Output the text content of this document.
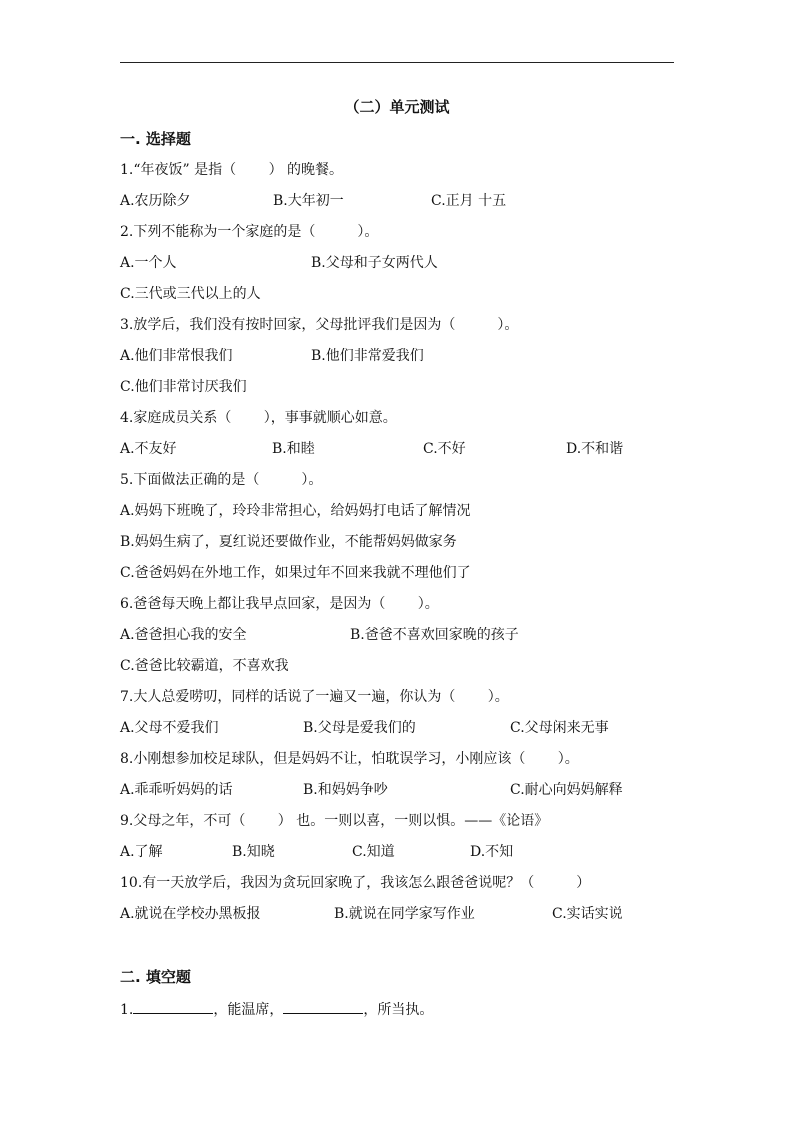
（二）单元测试
一. 选择题
1.“年夜饭” 是指（　　 ） 的晚餐。
A.农历除夕	B.大年初一	C.正月 十五
2.下列不能称为一个家庭的是（　　　）。
A.一个人	B.父母和子女两代人
C.三代或三代以上的人
3.放学后，我们没有按时回家，父母批评我们是因为（　　　）。
A.他们非常恨我们	B.他们非常爱我们
C.他们非常讨厌我们
4.家庭成员关系（　　 ），事事就顺心如意。
A.不友好	B.和睦	C.不好	D.不和谐
5.下面做法正确的是（　　　）。
A.妈妈下班晚了，玲玲非常担心，给妈妈打电话了解情况
B.妈妈生病了，夏红说还要做作业，不能帮妈妈做家务
C.爸爸妈妈在外地工作，如果过年不回来我就不理他们了
6.爸爸每天晚上都让我早点回家，是因为（　　 ）。
A.爸爸担心我的安全	B.爸爸不喜欢回家晚的孩子
C.爸爸比较霸道，不喜欢我
7.大人总爱唠叨，同样的话说了一遍又一遍，你认为（　　 ）。
A.父母不爱我们	B.父母是爱我们的	C.父母闲来无事
8.小刚想参加校足球队，但是妈妈不让，怕耽误学习，小刚应该（　　 ）。
A.乖乖听妈妈的话	B.和妈妈争吵	C.耐心向妈妈解释
9.父母之年，不可（　　 ） 也。一则以喜，一则以惧。——《论语》
A.了解	B.知晓	C.知道	D.不知
10.有一天放学后，我因为贪玩回家晚了，我该怎么跟爸爸说呢？（　　　）
A.就说在学校办黑板报	B.就说在同学家写作业	C.实话实说
二. 填空题
1.	，能温席，	，所当执。
